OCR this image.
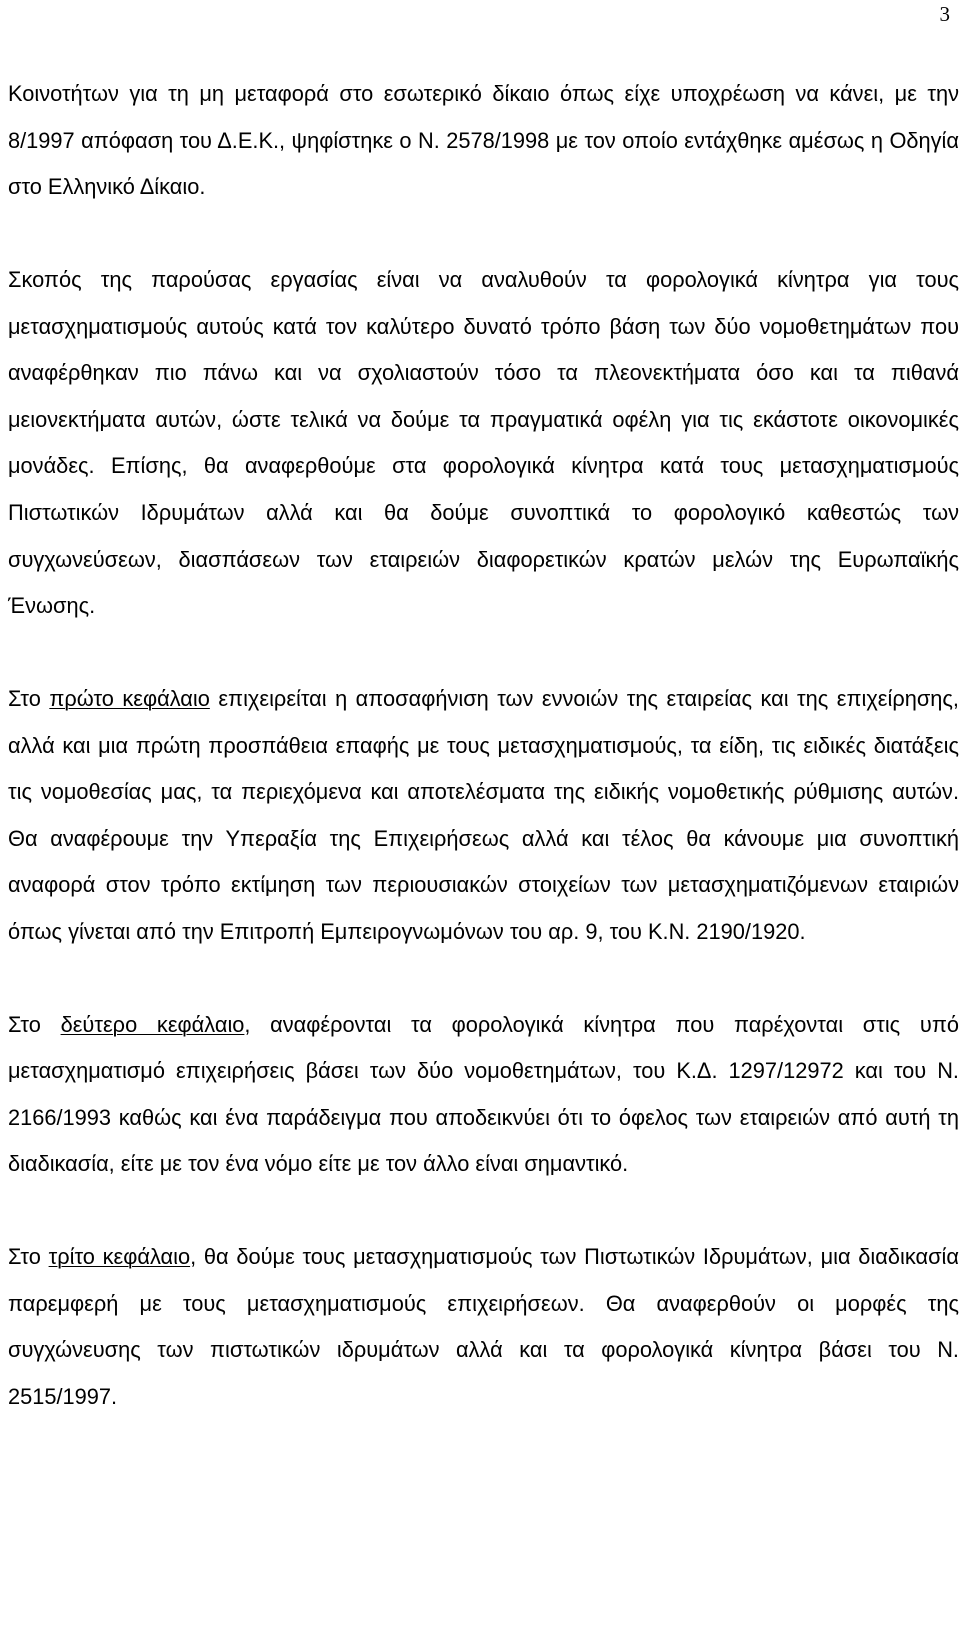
3

Κοινοτήτων για τη μη μεταφορά στο εσωτερικό δίκαιο όπως είχε υποχρέωση να κάνει, με την 8/1997 απόφαση του Δ.Ε.Κ., ψηφίστηκε ο Ν. 2578/1998 με τον οποίο εντάχθηκε αμέσως η Οδηγία στο Ελληνικό Δίκαιο.

Σκοπός της παρούσας εργασίας είναι να αναλυθούν τα φορολογικά κίνητρα για τους μετασχηματισμούς αυτούς κατά τον καλύτερο δυνατό τρόπο βάση των δύο νομοθετημάτων που αναφέρθηκαν πιο πάνω και να σχολιαστούν τόσο τα πλεονεκτήματα όσο και τα πιθανά μειονεκτήματα αυτών, ώστε τελικά να δούμε τα πραγματικά οφέλη για τις εκάστοτε οικονομικές μονάδες. Επίσης, θα αναφερθούμε στα φορολογικά κίνητρα κατά τους μετασχηματισμούς Πιστωτικών Ιδρυμάτων αλλά και θα δούμε συνοπτικά το φορολογικό καθεστώς των συγχωνεύσεων, διασπάσεων των εταιρειών διαφορετικών κρατών μελών της Ευρωπαϊκής Ένωσης.

Στο πρώτο κεφάλαιο επιχειρείται η αποσαφήνιση των εννοιών της εταιρείας και της επιχείρησης, αλλά και μια πρώτη προσπάθεια επαφής με τους μετασχηματισμούς, τα είδη, τις ειδικές διατάξεις τις νομοθεσίας μας, τα περιεχόμενα και αποτελέσματα της ειδικής νομοθετικής ρύθμισης αυτών. Θα αναφέρουμε την Υπεραξία της Επιχειρήσεως αλλά και τέλος θα κάνουμε μια συνοπτική αναφορά στον τρόπο εκτίμηση των περιουσιακών στοιχείων των μετασχηματιζόμενων εταιριών όπως γίνεται από την Επιτροπή Εμπειρογνωμόνων του αρ. 9, του Κ.Ν. 2190/1920.

Στο δεύτερο κεφάλαιο, αναφέρονται τα φορολογικά κίνητρα που παρέχονται στις υπό μετασχηματισμό επιχειρήσεις βάσει των δύο νομοθετημάτων, του Κ.Δ. 1297/12972 και του Ν. 2166/1993 καθώς και ένα παράδειγμα που αποδεικνύει ότι το όφελος των εταιρειών από αυτή τη διαδικασία, είτε με τον ένα νόμο είτε με τον άλλο είναι σημαντικό.

Στο τρίτο κεφάλαιο, θα δούμε τους μετασχηματισμούς των Πιστωτικών Ιδρυμάτων, μια διαδικασία παρεμφερή με τους μετασχηματισμούς επιχειρήσεων. Θα αναφερθούν οι μορφές της συγχώνευσης των πιστωτικών ιδρυμάτων αλλά και τα φορολογικά κίνητρα βάσει του Ν. 2515/1997.
